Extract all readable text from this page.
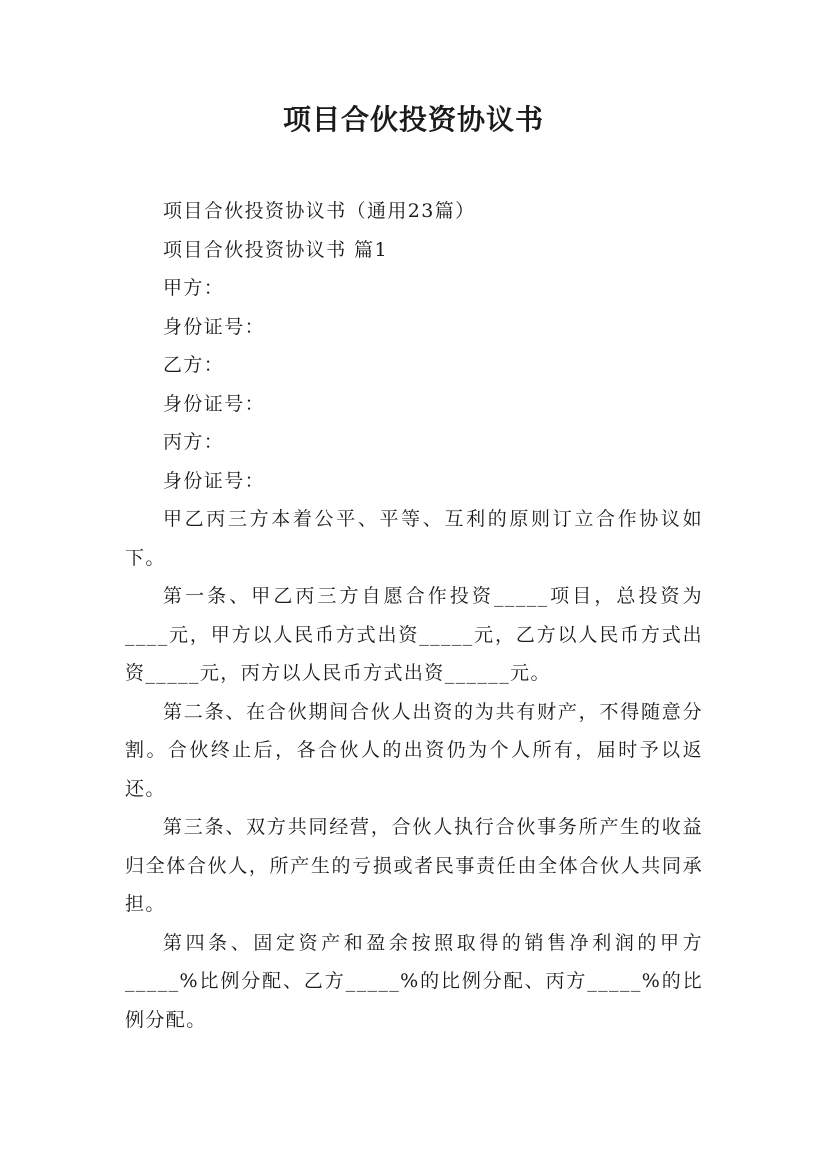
项目合伙投资协议书

项目合伙投资协议书（通用23篇）

项目合伙投资协议书 篇1

甲方：

身份证号：

乙方：

身份证号：

丙方：

身份证号：

甲乙丙三方本着公平、平等、互利的原则订立合作协议如下。

第一条、甲乙丙三方自愿合作投资_____项目，总投资为____元，甲方以人民币方式出资_____元，乙方以人民币方式出资_____元，丙方以人民币方式出资______元。

第二条、在合伙期间合伙人出资的为共有财产，不得随意分割。合伙终止后，各合伙人的出资仍为个人所有，届时予以返还。

第三条、双方共同经营，合伙人执行合伙事务所产生的收益归全体合伙人，所产生的亏损或者民事责任由全体合伙人共同承担。

第四条、固定资产和盈余按照取得的销售净利润的甲方_____%比例分配、乙方_____%的比例分配、丙方_____%的比例分配。
